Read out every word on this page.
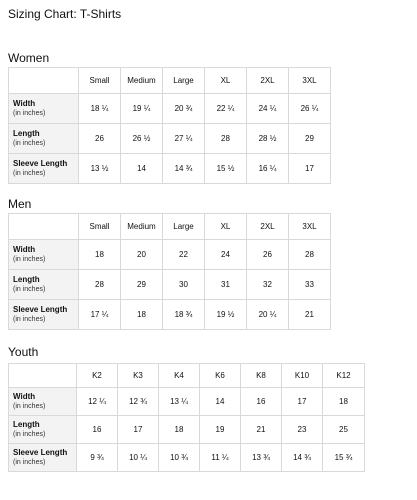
Sizing Chart: T-Shirts
Women
	Small	Medium	Large	XL	2XL	3XL

Width
(in inches)	18 ¼	19 ¼	20 ¾	22 ¼	24 ¼	26 ¼

Length
(in inches)	26	26 ½	27 ¼	28	28 ½	29

Sleeve Length
(in inches)	13 ½	14	14 ¾	15 ½	16 ¼	17
Men
	Small	Medium	Large	XL	2XL	3XL

Width
(in inches)	18	20	22	24	26	28

Length
(in inches)	28	29	30	31	32	33

Sleeve Length
(in inches)	17 ¼	18	18 ¾	19 ½	20 ¼	21
Youth
	K2	K3	K4	K6	K8	K10	K12

Width
(in inches)	12 ¼	12 ¾	13 ¼	14	16	17	18

Length
(in inches)	16	17	18	19	21	23	25

Sleeve Length
(in inches)	9 ¾	10 ¼	10 ¾	11 ¼	13 ¾	14 ¾	15 ¾
